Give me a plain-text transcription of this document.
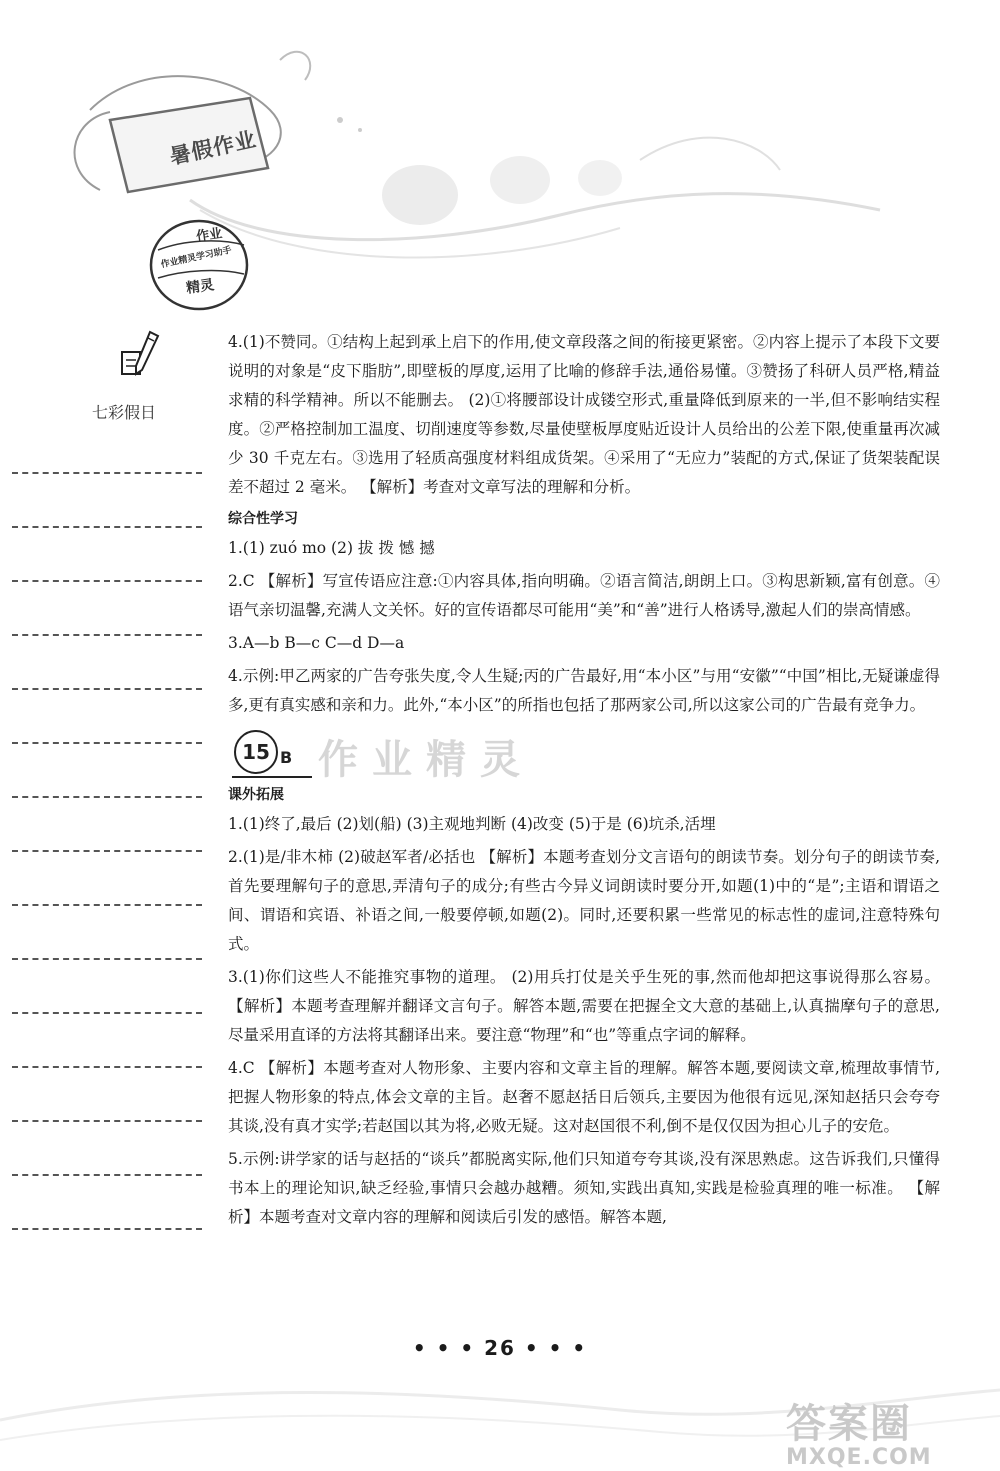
暑假作业
作业
作业精灵学习助手
精灵
七彩假日

4.(1)不赞同。①结构上起到承上启下的作用,使文章段落之间的衔接更紧密。②内容上提示了本段下文要说明的对象是“皮下脂肪”,即壁板的厚度,运用了比喻的修辞手法,通俗易懂。③赞扬了科研人员严格,精益求精的科学精神。所以不能删去。 (2)①将腰部设计成镂空形式,重量降低到原来的一半,但不影响结实程度。②严格控制加工温度、切削速度等参数,尽量使壁板厚度贴近设计人员给出的公差下限,使重量再次减少 30 千克左右。③选用了轻质高强度材料组成货架。④采用了“无应力”装配的方式,保证了货架装配误差不超过 2 毫米。 【解析】考查对文章写法的理解和分析。

综合性学习

1.(1) zuó mo (2) 拔 拨 憾 撼

2.C 【解析】写宣传语应注意:①内容具体,指向明确。②语言简洁,朗朗上口。③构思新颖,富有创意。④语气亲切温馨,充满人文关怀。好的宣传语都尽可能用“美”和“善”进行人格诱导,激起人们的崇高情感。

3.A—b B—c C—d D—a

4.示例:甲乙两家的广告夸张失度,令人生疑;丙的广告最好,用“本小区”与用“安徽”“中国”相比,无疑谦虚得多,更有真实感和亲和力。此外,“本小区”的所指也包括了那两家公司,所以这家公司的广告最有竞争力。

15 B 作业精灵
课外拓展

1.(1)终了,最后 (2)划(船) (3)主观地判断 (4)改变 (5)于是 (6)坑杀,活埋

2.(1)是/非木柿 (2)破赵军者/必括也 【解析】本题考查划分文言语句的朗读节奏。划分句子的朗读节奏,首先要理解句子的意思,弄清句子的成分;有些古今异义词朗读时要分开,如题(1)中的“是”;主语和谓语之间、谓语和宾语、补语之间,一般要停顿,如题(2)。同时,还要积累一些常见的标志性的虚词,注意特殊句式。

3.(1)你们这些人不能推究事物的道理。 (2)用兵打仗是关乎生死的事,然而他却把这事说得那么容易。 【解析】本题考查理解并翻译文言句子。解答本题,需要在把握全文大意的基础上,认真揣摩句子的意思,尽量采用直译的方法将其翻译出来。要注意“物理”和“也”等重点字词的解释。

4.C 【解析】本题考查对人物形象、主要内容和文章主旨的理解。解答本题,要阅读文章,梳理故事情节,把握人物形象的特点,体会文章的主旨。赵奢不愿赵括日后领兵,主要因为他很有远见,深知赵括只会夸夸其谈,没有真才实学;若赵国以其为将,必败无疑。这对赵国很不利,倒不是仅仅因为担心儿子的安危。

5.示例:讲学家的话与赵括的“谈兵”都脱离实际,他们只知道夸夸其谈,没有深思熟虑。这告诉我们,只懂得书本上的理论知识,缺乏经验,事情只会越办越糟。须知,实践出真知,实践是检验真理的唯一标准。 【解析】本题考查对文章内容的理解和阅读后引发的感悟。解答本题,

• • • 26 • • •
答案圈
MXQE.COM
